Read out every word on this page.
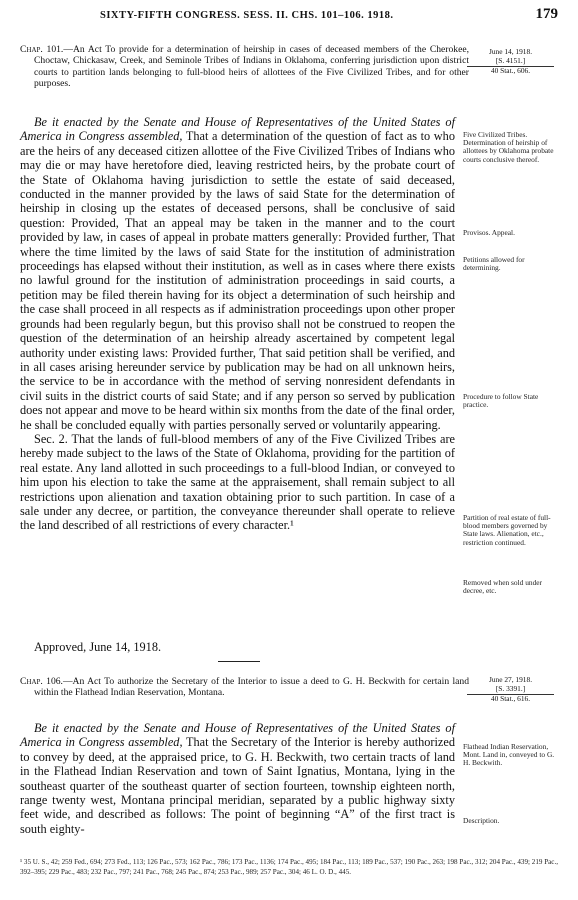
SIXTY-FIFTH CONGRESS. SESS. II. CHS. 101–106. 1918.	179
Chap. 101.—An Act To provide for a determination of heirship in cases of deceased members of the Cherokee, Choctaw, Chickasaw, Creek, and Seminole Tribes of Indians in Oklahoma, conferring jurisdiction upon district courts to partition lands belonging to full-blood heirs of allottees of the Five Civilized Tribes, and for other purposes.
June 14, 1918.
[S. 4151.]
40 Stat., 606.

Be it enacted by the Senate and House of Representatives of the United States of America in Congress assembled, That a determination of the question of fact as to who are the heirs of any deceased citizen allottee of the Five Civilized Tribes of Indians who may die or may have heretofore died, leaving restricted heirs, by the probate court of the State of Oklahoma having jurisdiction to settle the estate of said deceased, conducted in the manner provided by the laws of said State for the determination of heirship in closing up the estates of deceased persons, shall be conclusive of said question: Provided, That an appeal may be taken in the manner and to the court provided by law, in cases of appeal in probate matters generally: Provided further, That where the time limited by the laws of said State for the institution of administration proceedings has elapsed without their institution, as well as in cases where there exists no lawful ground for the institution of administration proceedings in said courts, a petition may be filed therein having for its object a determination of such heirship and the case shall proceed in all respects as if administration proceedings upon other proper grounds had been regularly begun, but this proviso shall not be construed to reopen the question of the determination of an heirship already ascertained by competent legal authority under existing laws: Provided further, That said petition shall be verified, and in all cases arising hereunder service by publication may be had on all unknown heirs, the service to be in accordance with the method of serving nonresident defendants in civil suits in the district courts of said State; and if any person so served by publication does not appear and move to be heard within six months from the date of the final order, he shall be concluded equally with parties personally served or voluntarily appearing.

Sec. 2. That the lands of full-blood members of any of the Five Civilized Tribes are hereby made subject to the laws of the State of Oklahoma, providing for the partition of real estate. Any land allotted in such proceedings to a full-blood Indian, or conveyed to him upon his election to take the same at the appraisement, shall remain subject to all restrictions upon alienation and taxation obtaining prior to such partition. In case of a sale under any decree, or partition, the conveyance thereunder shall operate to relieve the land described of all restrictions of every character.¹

Approved, June 14, 1918.
Five Civilized Tribes. Determination of heirship of allottees by Oklahoma probate courts conclusive thereof.
Provisos. Appeal.
Petitions allowed for determining.
Procedure to follow State practice.
Partition of real estate of full-blood members governed by State laws. Alienation, etc., restriction continued.
Removed when sold under decree, etc.
Chap. 106.—An Act To authorize the Secretary of the Interior to issue a deed to G. H. Beckwith for certain land within the Flathead Indian Reservation, Montana.
June 27, 1918.
[S. 3391.]
40 Stat., 616.

Be it enacted by the Senate and House of Representatives of the United States of America in Congress assembled, That the Secretary of the Interior is hereby authorized to convey by deed, at the appraised price, to G. H. Beckwith, two certain tracts of land in the Flathead Indian Reservation and town of Saint Ignatius, Montana, lying in the southeast quarter of the southeast quarter of section fourteen, township eighteen north, range twenty west, Montana principal meridian, separated by a public highway sixty feet wide, and described as follows: The point of beginning “A” of the first tract is south eighty-

Flathead Indian Reservation, Mont. Land in, conveyed to G. H. Beckwith.
Description.
¹ 35 U. S., 42; 259 Fed., 694; 273 Fed., 113; 126 Pac., 573; 162 Pac., 786; 173 Pac., 1136; 174 Pac., 495; 184 Pac., 113; 189 Pac., 537; 190 Pac., 263; 198 Pac., 312; 204 Pac., 439; 219 Pac., 392–395; 229 Pac., 483; 232 Pac., 797; 241 Pac., 768; 245 Pac., 874; 253 Pac., 989; 257 Pac., 304; 46 L. O. D., 445.
